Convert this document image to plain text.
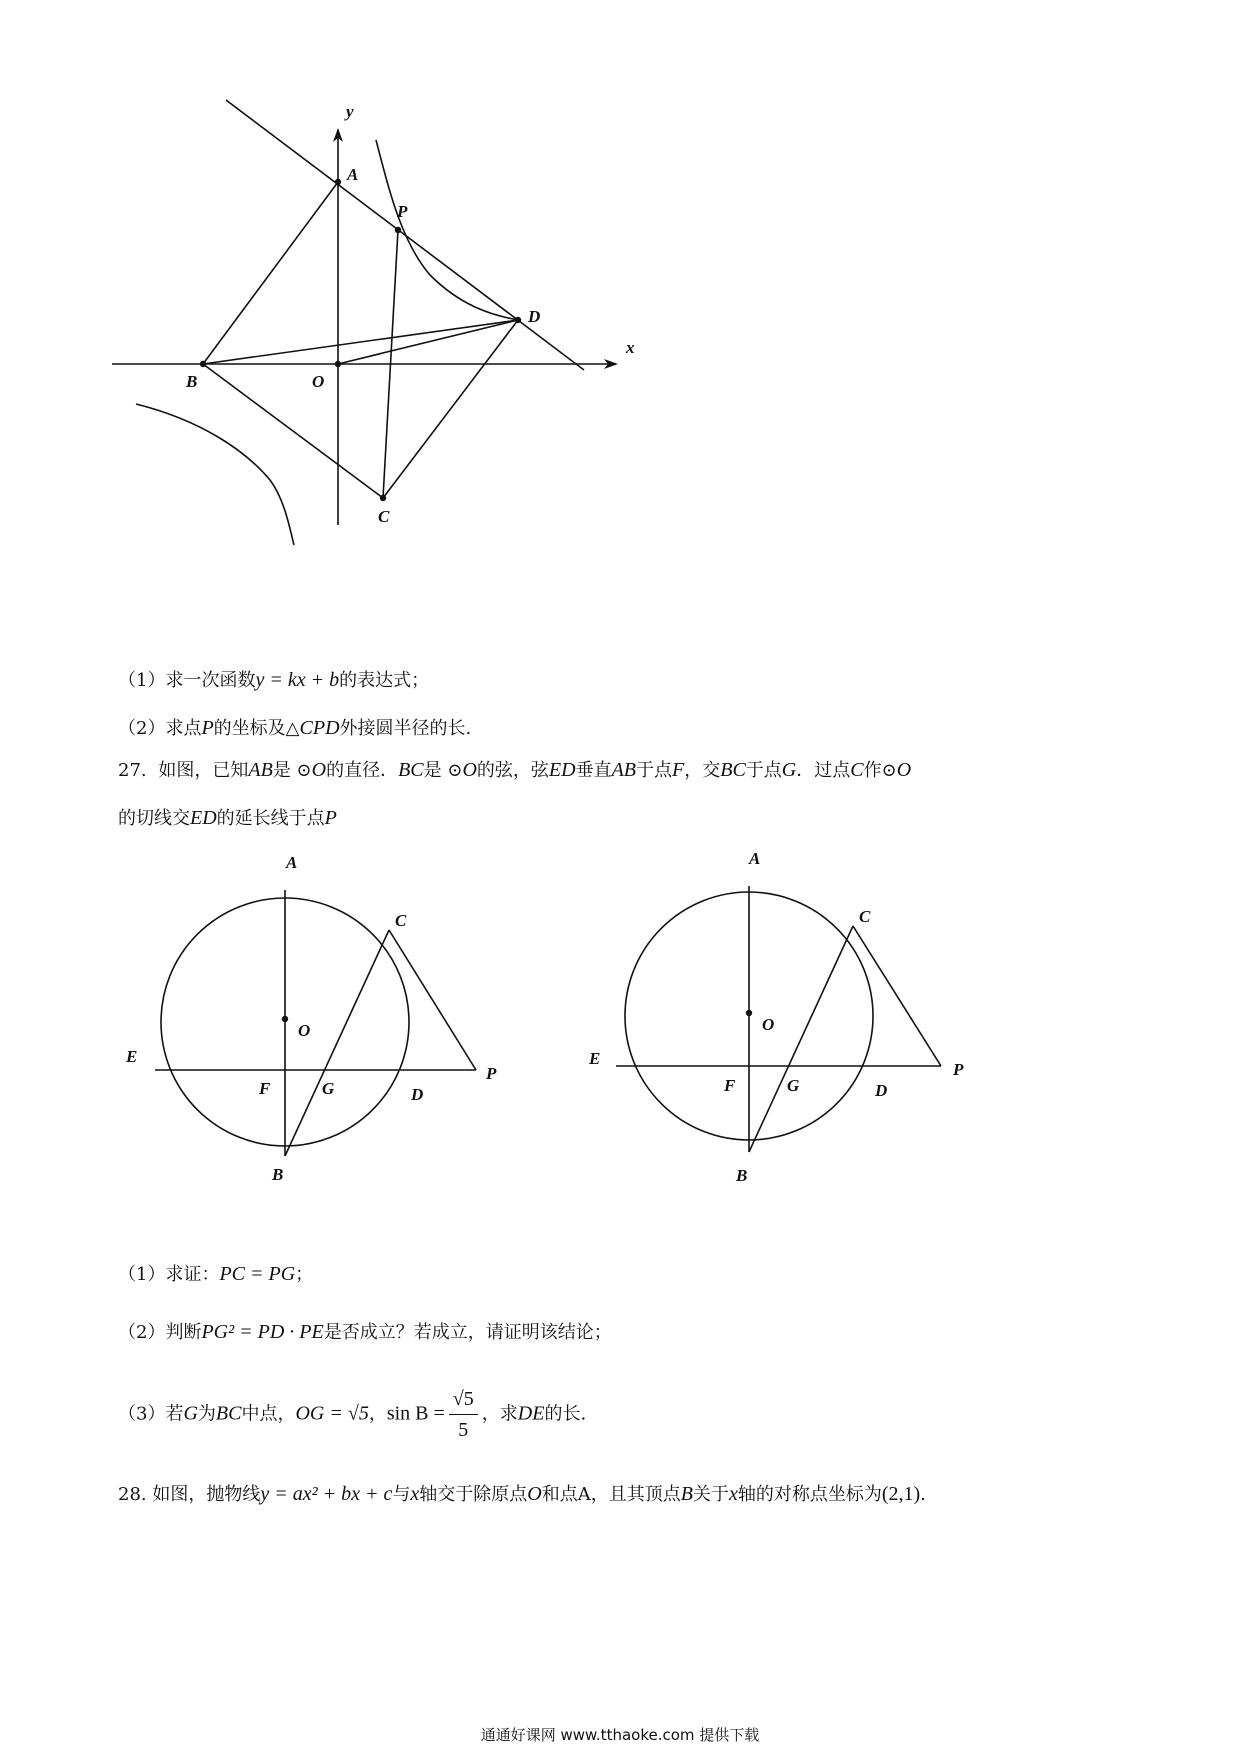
y
x
A
P
D
B	O
C
（1）求一次函数y = kx + b的表达式；
（2）求点P的坐标及△CPD外接圆半径的长.
27. 如图，已知AB是 ⊙O的直径．BC是 ⊙O的弦，弦ED垂直AB于点F，交BC于点G．过点C作⊙O
的切线交ED的延长线于点P
A
C
O
E
F	G	D
P
B
A
C
O
E
F	G	D
P
B
（1）求证：PC = PG；
（2）判断PG² = PD · PE是否成立？若成立，请证明该结论；
（3）若G为BC中点，OG = √5，$\sin B = \frac{√5}{5}$ ，求DE的长.
28. 如图，抛物线y = ax² + bx + c与x轴交于除原点O和点A，且其顶点B关于x轴的对称点坐标为(2,1).
通通好课网 www.tthaoke.com 提供下载
